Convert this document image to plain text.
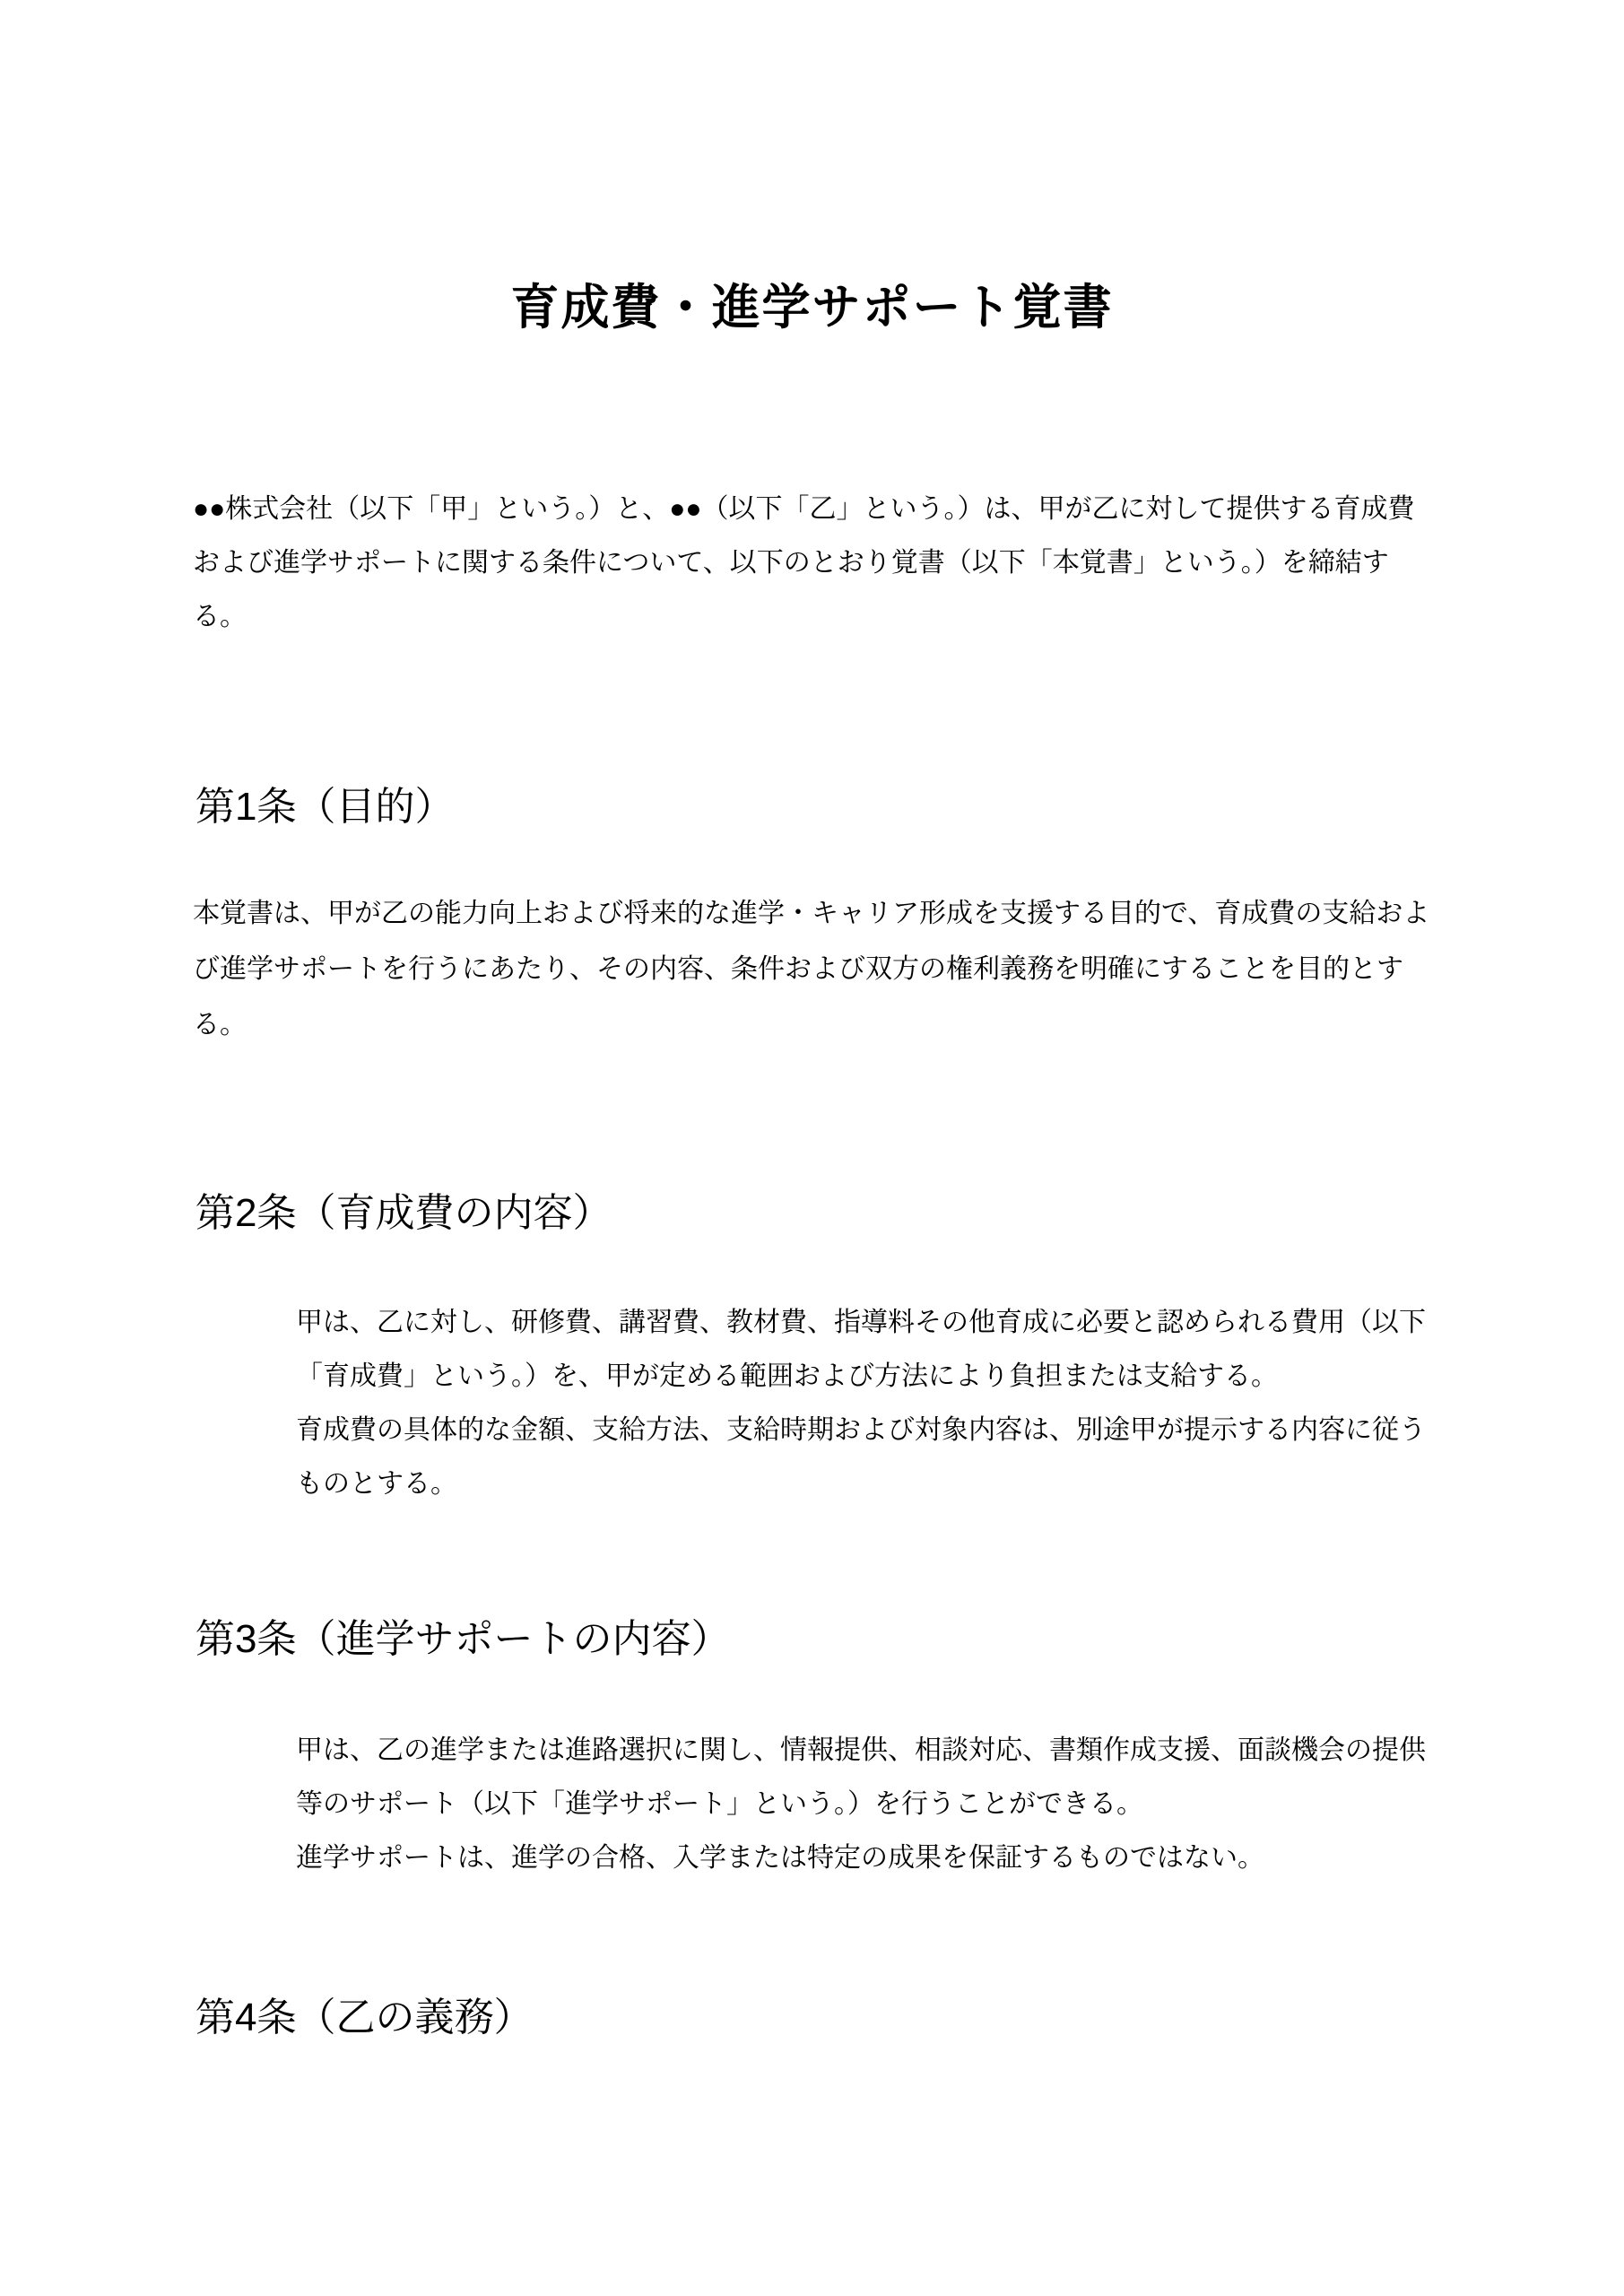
育成費・進学サポート覚書
●●株式会社（以下「甲」という。）と、●●（以下「乙」という。）は、甲が乙に対して提供する育成費および進学サポートに関する条件について、以下のとおり覚書（以下「本覚書」という。）を締結する。
第1条（目的）
本覚書は、甲が乙の能力向上および将来的な進学・キャリア形成を支援する目的で、育成費の支給および進学サポートを行うにあたり、その内容、条件および双方の権利義務を明確にすることを目的とする。
第2条（育成費の内容）
甲は、乙に対し、研修費、講習費、教材費、指導料その他育成に必要と認められる費用（以下「育成費」という。）を、甲が定める範囲および方法により負担または支給する。
育成費の具体的な金額、支給方法、支給時期および対象内容は、別途甲が提示する内容に従うものとする。
第3条（進学サポートの内容）
甲は、乙の進学または進路選択に関し、情報提供、相談対応、書類作成支援、面談機会の提供等のサポート（以下「進学サポート」という。）を行うことができる。
進学サポートは、進学の合格、入学または特定の成果を保証するものではない。
第4条（乙の義務）
